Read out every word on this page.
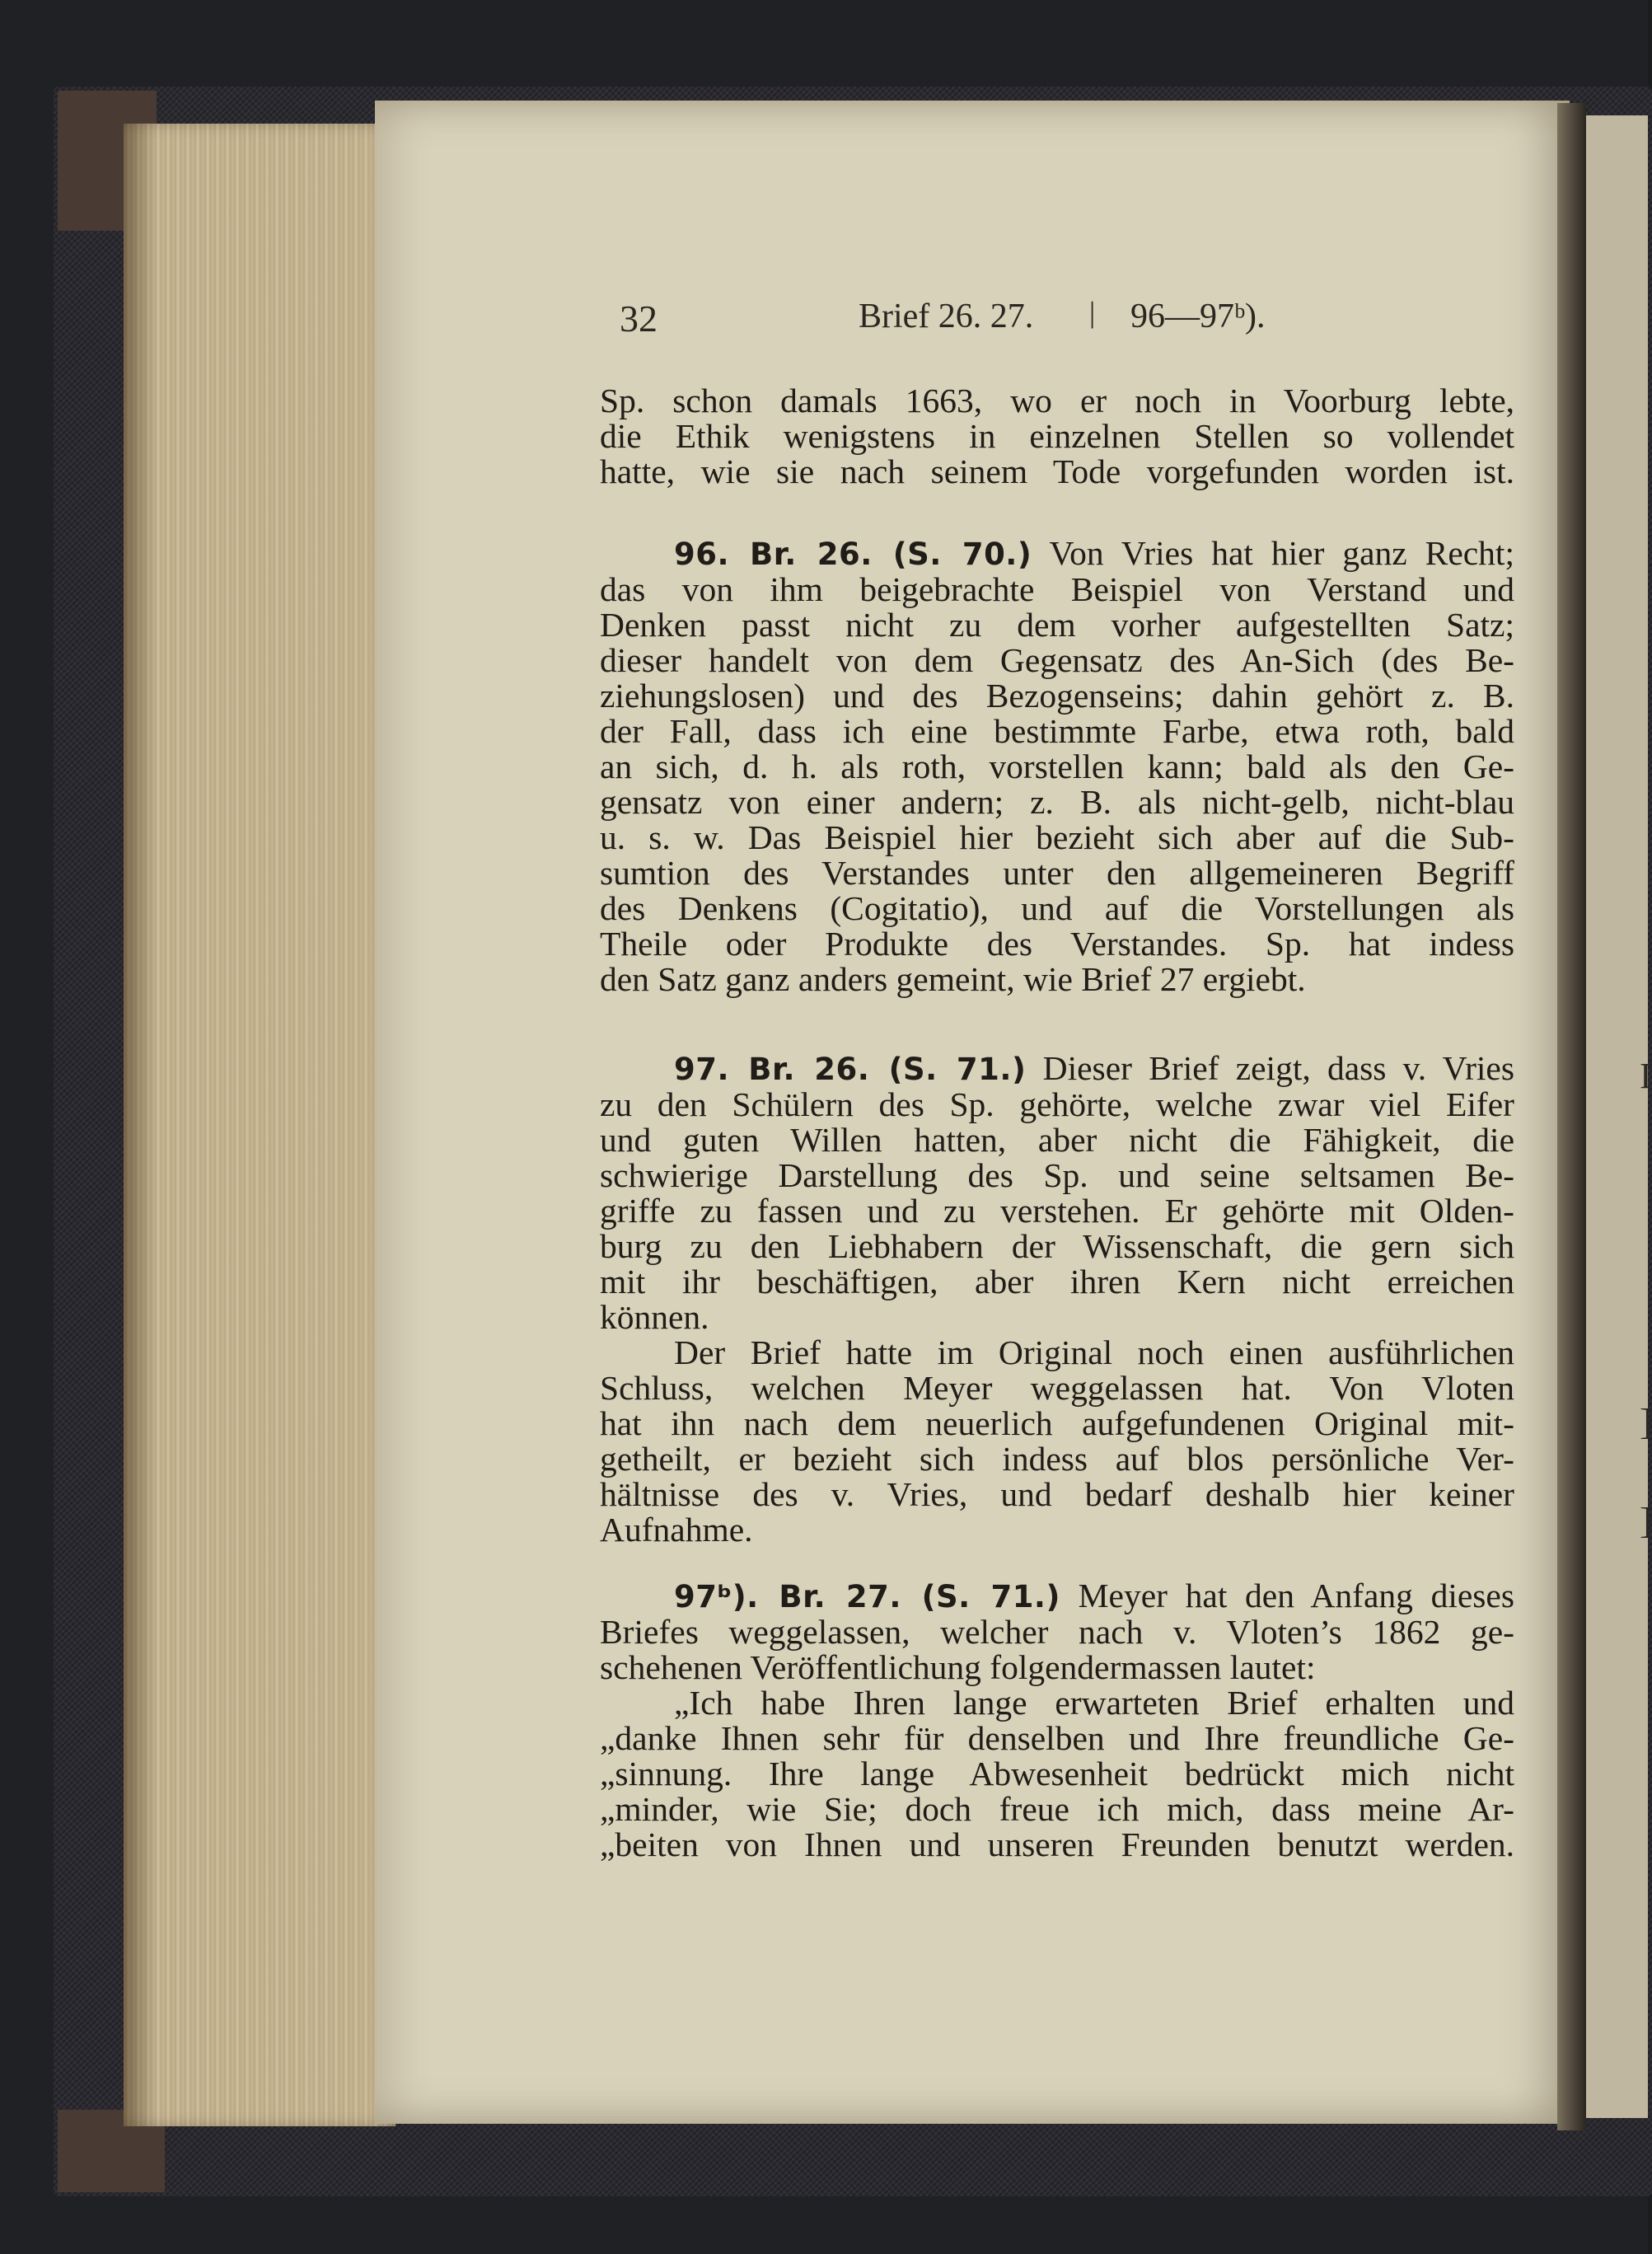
I
]
]
32	Brief 26. 27. | 96—97ᵇ).
Sp. schon damals 1663, wo er noch in Voorburg lebte,
die Ethik wenigstens in einzelnen Stellen so vollendet
hatte, wie sie nach seinem Tode vorgefunden worden ist.
96. Br. 26. (S. 70.) Von Vries hat hier ganz Recht;
das von ihm beigebrachte Beispiel von Verstand und
Denken passt nicht zu dem vorher aufgestellten Satz;
dieser handelt von dem Gegensatz des An-Sich (des Be-
ziehungslosen) und des Bezogenseins; dahin gehört z. B.
der Fall, dass ich eine bestimmte Farbe, etwa roth, bald
an sich, d. h. als roth, vorstellen kann; bald als den Ge-
gensatz von einer andern; z. B. als nicht-gelb, nicht-blau
u. s. w. Das Beispiel hier bezieht sich aber auf die Sub-
sumtion des Verstandes unter den allgemeineren Begriff
des Denkens (Cogitatio), und auf die Vorstellungen als
Theile oder Produkte des Verstandes. Sp. hat indess
den Satz ganz anders gemeint, wie Brief 27 ergiebt.
97. Br. 26. (S. 71.) Dieser Brief zeigt, dass v. Vries
zu den Schülern des Sp. gehörte, welche zwar viel Eifer
und guten Willen hatten, aber nicht die Fähigkeit, die
schwierige Darstellung des Sp. und seine seltsamen Be-
griffe zu fassen und zu verstehen. Er gehörte mit Olden-
burg zu den Liebhabern der Wissenschaft, die gern sich
mit ihr beschäftigen, aber ihren Kern nicht erreichen
können.
Der Brief hatte im Original noch einen ausführlichen
Schluss, welchen Meyer weggelassen hat. Von Vloten
hat ihn nach dem neuerlich aufgefundenen Original mit-
getheilt, er bezieht sich indess auf blos persönliche Ver-
hältnisse des v. Vries, und bedarf deshalb hier keiner
Aufnahme.
97ᵇ). Br. 27. (S. 71.) Meyer hat den Anfang dieses
Briefes weggelassen, welcher nach v. Vloten’s 1862 ge-
schehenen Veröffentlichung folgendermassen lautet:
„Ich habe Ihren lange erwarteten Brief erhalten und
„danke Ihnen sehr für denselben und Ihre freundliche Ge-
„sinnung. Ihre lange Abwesenheit bedrückt mich nicht
„minder, wie Sie; doch freue ich mich, dass meine Ar-
„beiten von Ihnen und unseren Freunden benutzt werden.
